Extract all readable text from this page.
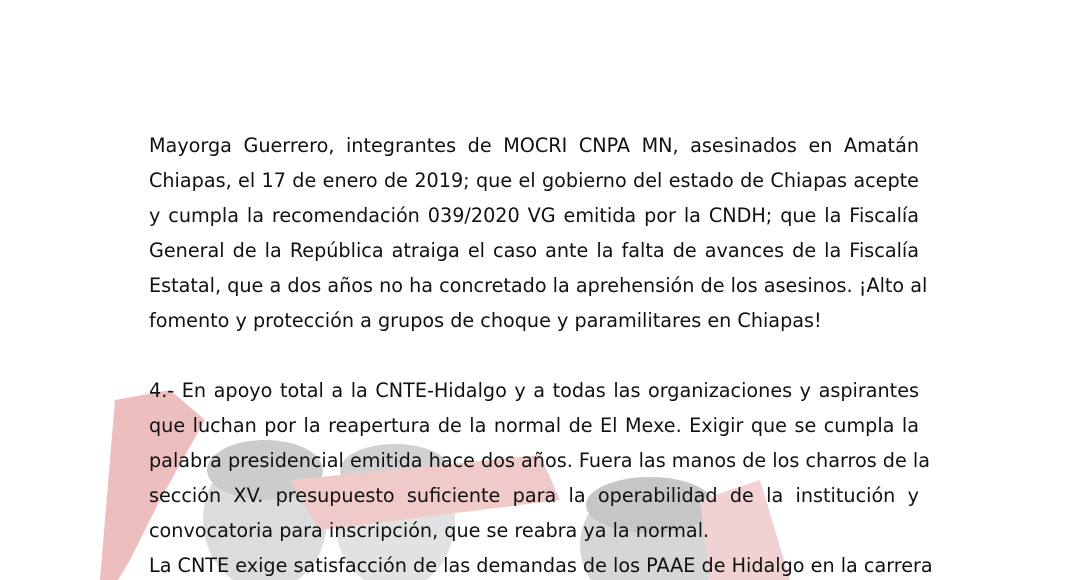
Mayorga Guerrero, integrantes de MOCRI CNPA MN, asesinados en Amatán
Chiapas, el 17 de enero de 2019; que el gobierno del estado de Chiapas acepte
y cumpla la recomendación 039/2020 VG emitida por la CNDH; que la Fiscalía
General de la República atraiga el caso ante la falta de avances de la Fiscalía
Estatal, que a dos años no ha concretado la aprehensión de los asesinos. ¡Alto al
fomento y protección a grupos de choque y paramilitares en Chiapas!
4.- En apoyo total a la CNTE-Hidalgo y a todas las organizaciones y aspirantes
que luchan por la reapertura de la normal de El Mexe. Exigir que se cumpla la
palabra presidencial emitida hace dos años. Fuera las manos de los charros de la
sección XV. presupuesto suficiente para la operabilidad de la institución y
convocatoria para inscripción, que se reabra ya la normal.
La CNTE exige satisfacción de las demandas de los PAAE de Hidalgo en la carrera
